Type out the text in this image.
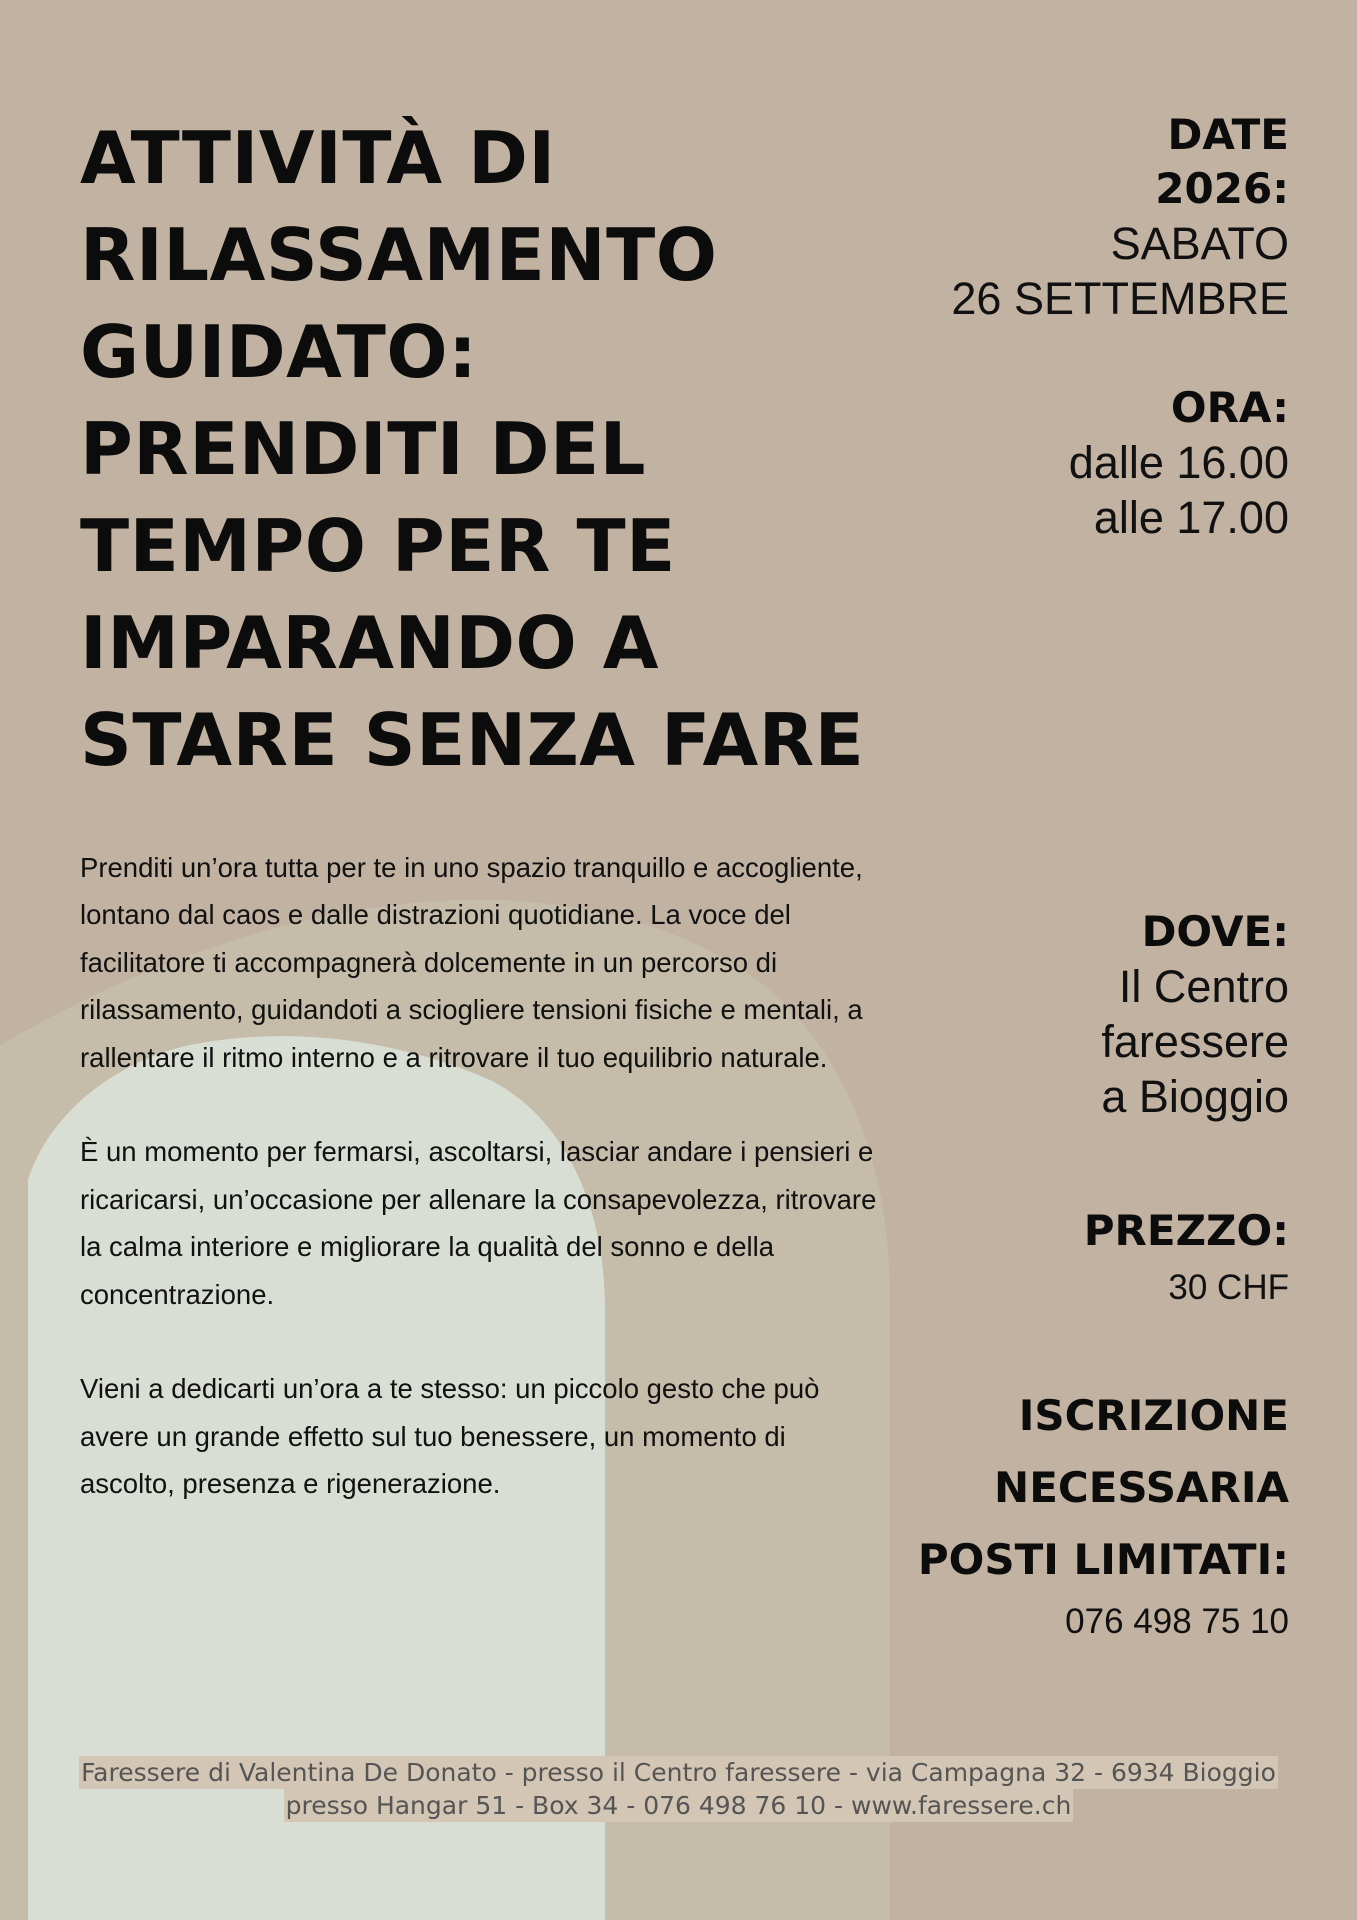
ATTIVITÀ DI
RILASSAMENTO
GUIDATO:
PRENDITI DEL
TEMPO PER TE
IMPARANDO A
STARE SENZA FARE

Prenditi un’ora tutta per te in uno spazio tranquillo e accogliente, lontano dal caos e dalle distrazioni quotidiane. La voce del facilitatore ti accompagnerà dolcemente in un percorso di rilassamento, guidandoti a sciogliere tensioni fisiche e mentali, a rallentare il ritmo interno e a ritrovare il tuo equilibrio naturale.

È un momento per fermarsi, ascoltarsi, lasciar andare i pensieri e ricaricarsi, un’occasione per allenare la consapevolezza, ritrovare la calma interiore e migliorare la qualità del sonno e della concentrazione.

Vieni a dedicarti un’ora a te stesso: un piccolo gesto che può avere un grande effetto sul tuo benessere, un momento di ascolto, presenza e rigenerazione.

DATE
2026:
SABATO
26 SETTEMBRE
ORA:
dalle 16.00
alle 17.00
DOVE:
Il Centro
faressere
a Bioggio
PREZZO:
30 CHF
ISCRIZIONE
NECESSARIA
POSTI LIMITATI:
076 498 75 10
Faressere di Valentina De Donato - presso il Centro faressere - via Campagna 32 - 6934 Bioggio
presso Hangar 51 - Box 34 - 076 498 76 10 - www.faressere.ch
